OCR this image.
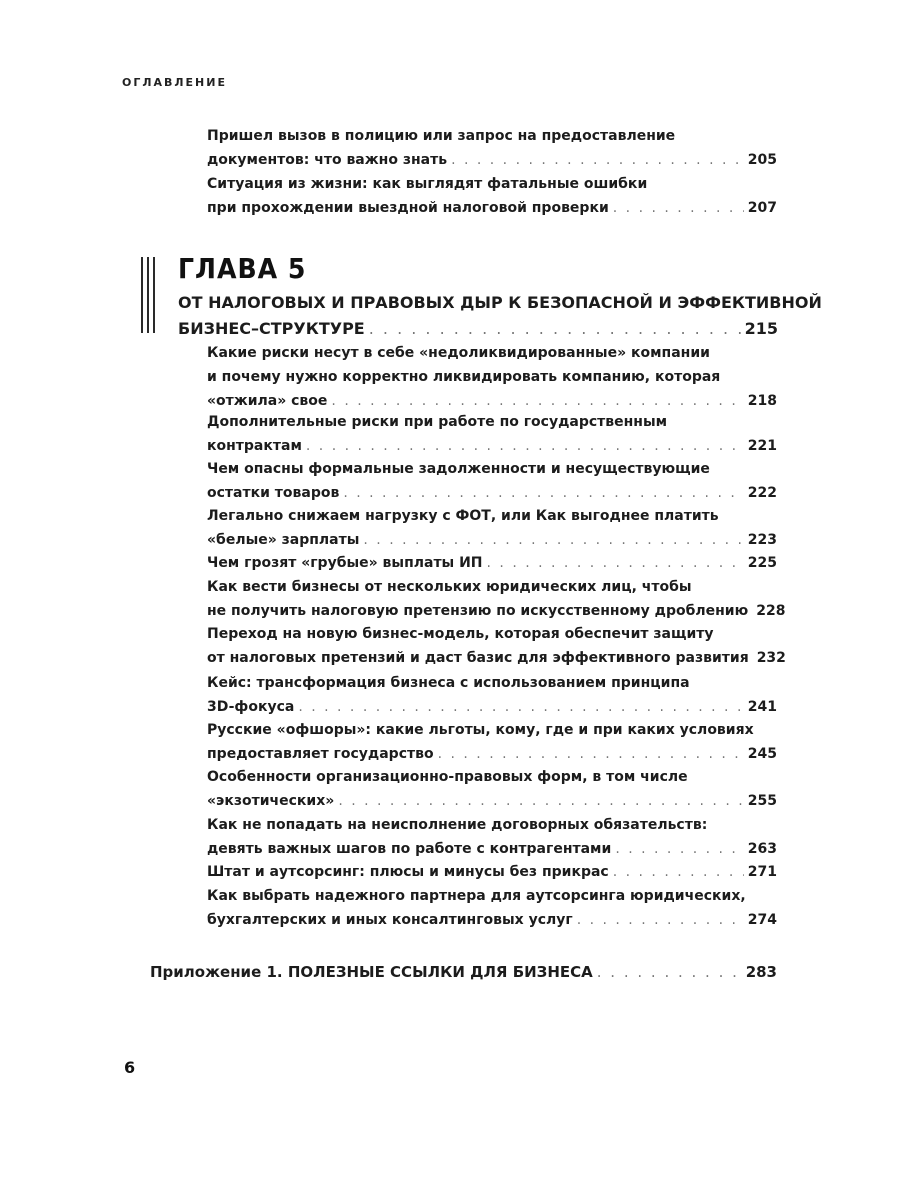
ОГЛАВЛЕНИЕ
Пришел вызов в полицию или запрос на предоставление
документов: что важно знать . . .	205
Ситуация из жизни: как выглядят фатальные ошибки
при прохождении выездной налоговой проверки . . .	207
ГЛАВА 5
ОТ НАЛОГОВЫХ И ПРАВОВЫХ ДЫР К БЕЗОПАСНОЙ И ЭФФЕКТИВНОЙ
БИЗНЕС–СТРУКТУРЕ . . .	215
Какие риски несут в себе «недоликвидированные» компании
и почему нужно корректно ликвидировать компанию, которая
«отжила» свое . . .	218
Дополнительные риски при работе по государственным
контрактам . . .	221
Чем опасны формальные задолженности и несуществующие
остатки товаров . . .	222
Легально снижаем нагрузку с ФОТ, или Как выгоднее платить
«белые» зарплаты . . .	223
Чем грозят «грубые» выплаты ИП . . .	225
Как вести бизнесы от нескольких юридических лиц, чтобы
не получить налоговую претензию по искусственному дроблению 228
Переход на новую бизнес-модель, которая обеспечит защиту
от налоговых претензий и даст базис для эффективного развития 232
Кейс: трансформация бизнеса с использованием принципа
3D-фокуса . . .	241
Русские «офшоры»: какие льготы, кому, где и при каких условиях
предоставляет государство . . .	245
Особенности организационно-правовых форм, в том числе
«экзотических» . . .	255
Как не попадать на неисполнение договорных обязательств:
девять важных шагов по работе с контрагентами . . .	263
Штат и аутсорсинг: плюсы и минусы без прикрас . . .	271
Как выбрать надежного партнера для аутсорсинга юридических,
бухгалтерских и иных консалтинговых услуг . . .	274
Приложение 1. ПОЛЕЗНЫЕ ССЫЛКИ ДЛЯ БИЗНЕСА . . .	283
6
